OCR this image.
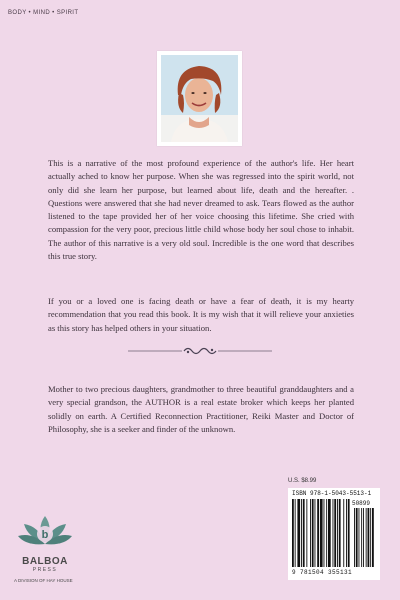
BODY • MIND • SPIRIT

This is a narrative of the most profound experience of the author's life. Her heart actually ached to know her purpose. When she was regressed into the spirit world, not only did she learn her purpose, but learned about life, death and the hereafter. . Questions were answered that she had never dreamed to ask. Tears flowed as the author listened to the tape provided her of her voice choosing this lifetime. She cried with compassion for the very poor, precious little child whose body her soul chose to inhabit. The author of this narrative is a very old soul. Incredible is the one word that describes this true story.

If you or a loved one is facing death or have a fear of death, it is my hearty recommendation that you read this book. It is my wish that it will relieve your anxieties as this story has helped others in your situation.

Mother to two precious daughters, grandmother to three beautiful granddaughters and a very special grandson, the AUTHOR is a real estate broker which keeps her planted solidly on earth. A Certified Reconnection Practitioner, Reiki Master and Doctor of Philosophy, she is a seeker and finder of the unknown.

b
BALBOA
PRESS
A DIVISION OF HAY HOUSE
U.S. $8.99
ISBN 978-1-5043-5513-1
50899
9 781504 355131
